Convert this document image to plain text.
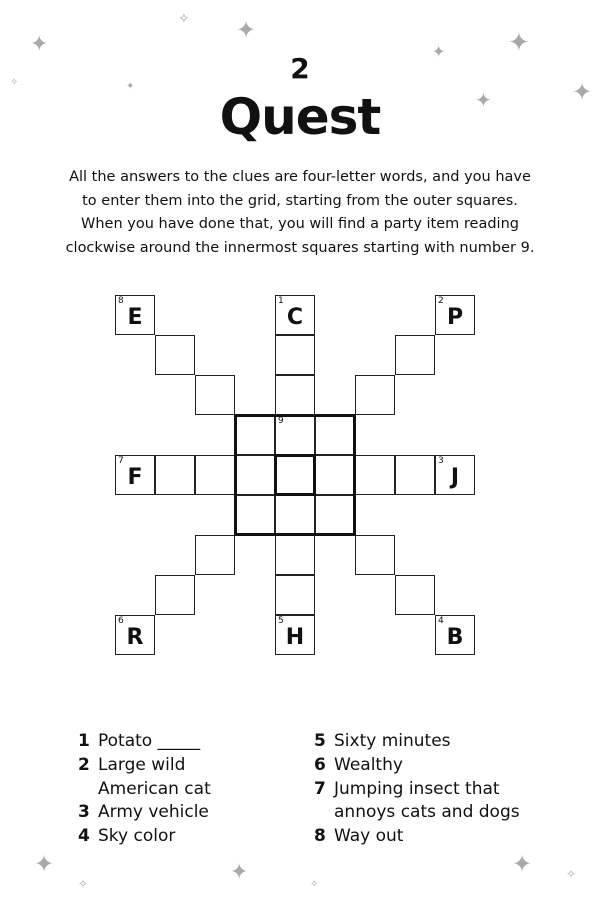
✦
✧ ✦
✧	✦
✦ ✦
✦	✦
✦
✧	✦	✧
✦	✧
2
Quest
All the answers to the clues are four-letter words, and you have
to enter them into the grid, starting from the outer squares.
When you have done that, you will find a party item reading
clockwise around the innermost squares starting with number 9.
9
8
E
1
C
2
P
3
J
4
B
5
H
6
R
7
F
1 Potato _____
2 Large wild
American cat
3 Army vehicle
4 Sky color
5 Sixty minutes
6 Wealthy
7 Jumping insect that
annoys cats and dogs
8 Way out
